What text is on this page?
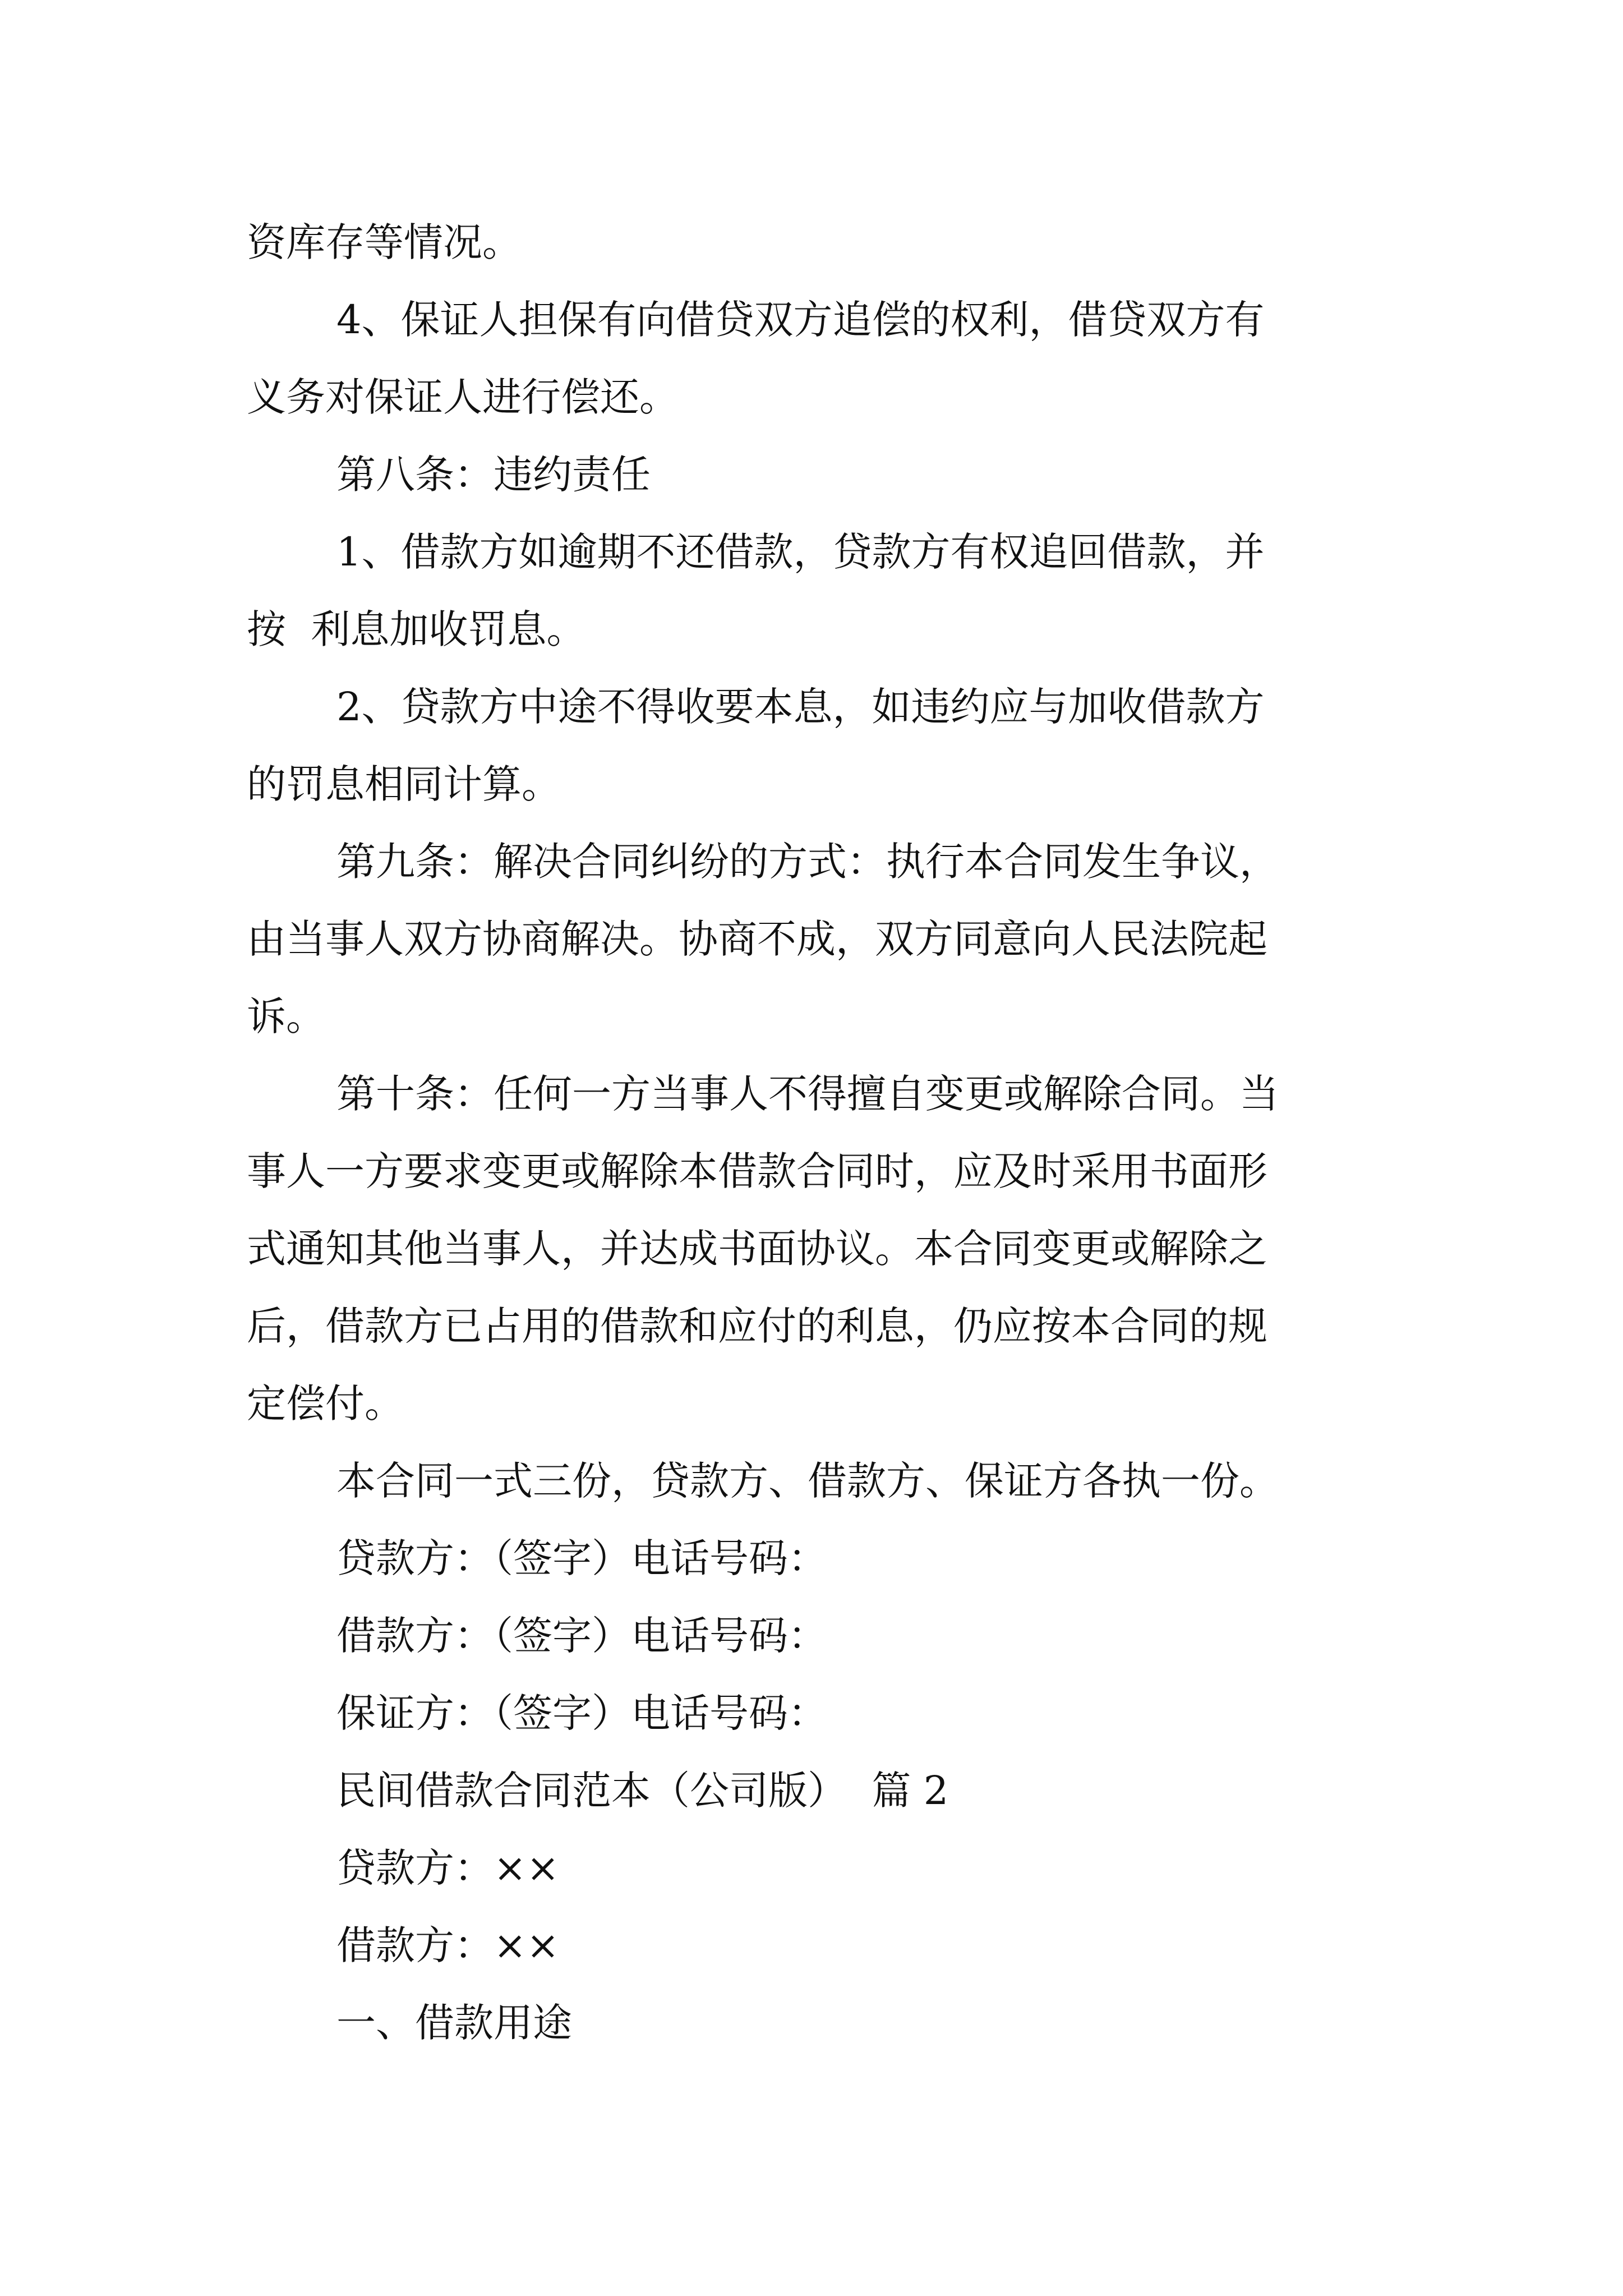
资库存等情况。
4、保证人担保有向借贷双方追偿的权利，借贷双方有
义务对保证人进行偿还。
第八条：违约责任
1、借款方如逾期不还借款，贷款方有权追回借款，并
按  利息加收罚息。
2、贷款方中途不得收要本息，如违约应与加收借款方
的罚息相同计算。
第九条：解决合同纠纷的方式：执行本合同发生争议，
由当事人双方协商解决。协商不成，双方同意向人民法院起
诉。
第十条：任何一方当事人不得擅自变更或解除合同。当
事人一方要求变更或解除本借款合同时，应及时采用书面形
式通知其他当事人，并达成书面协议。本合同变更或解除之
后，借款方已占用的借款和应付的利息，仍应按本合同的规
定偿付。
本合同一式三份，贷款方、借款方、保证方各执一份。
贷款方：（签字）电话号码：
借款方：（签字）电话号码：
保证方：（签字）电话号码：
民间借款合同范本（公司版）  篇 2
贷款方：××
借款方：××
一、借款用途
